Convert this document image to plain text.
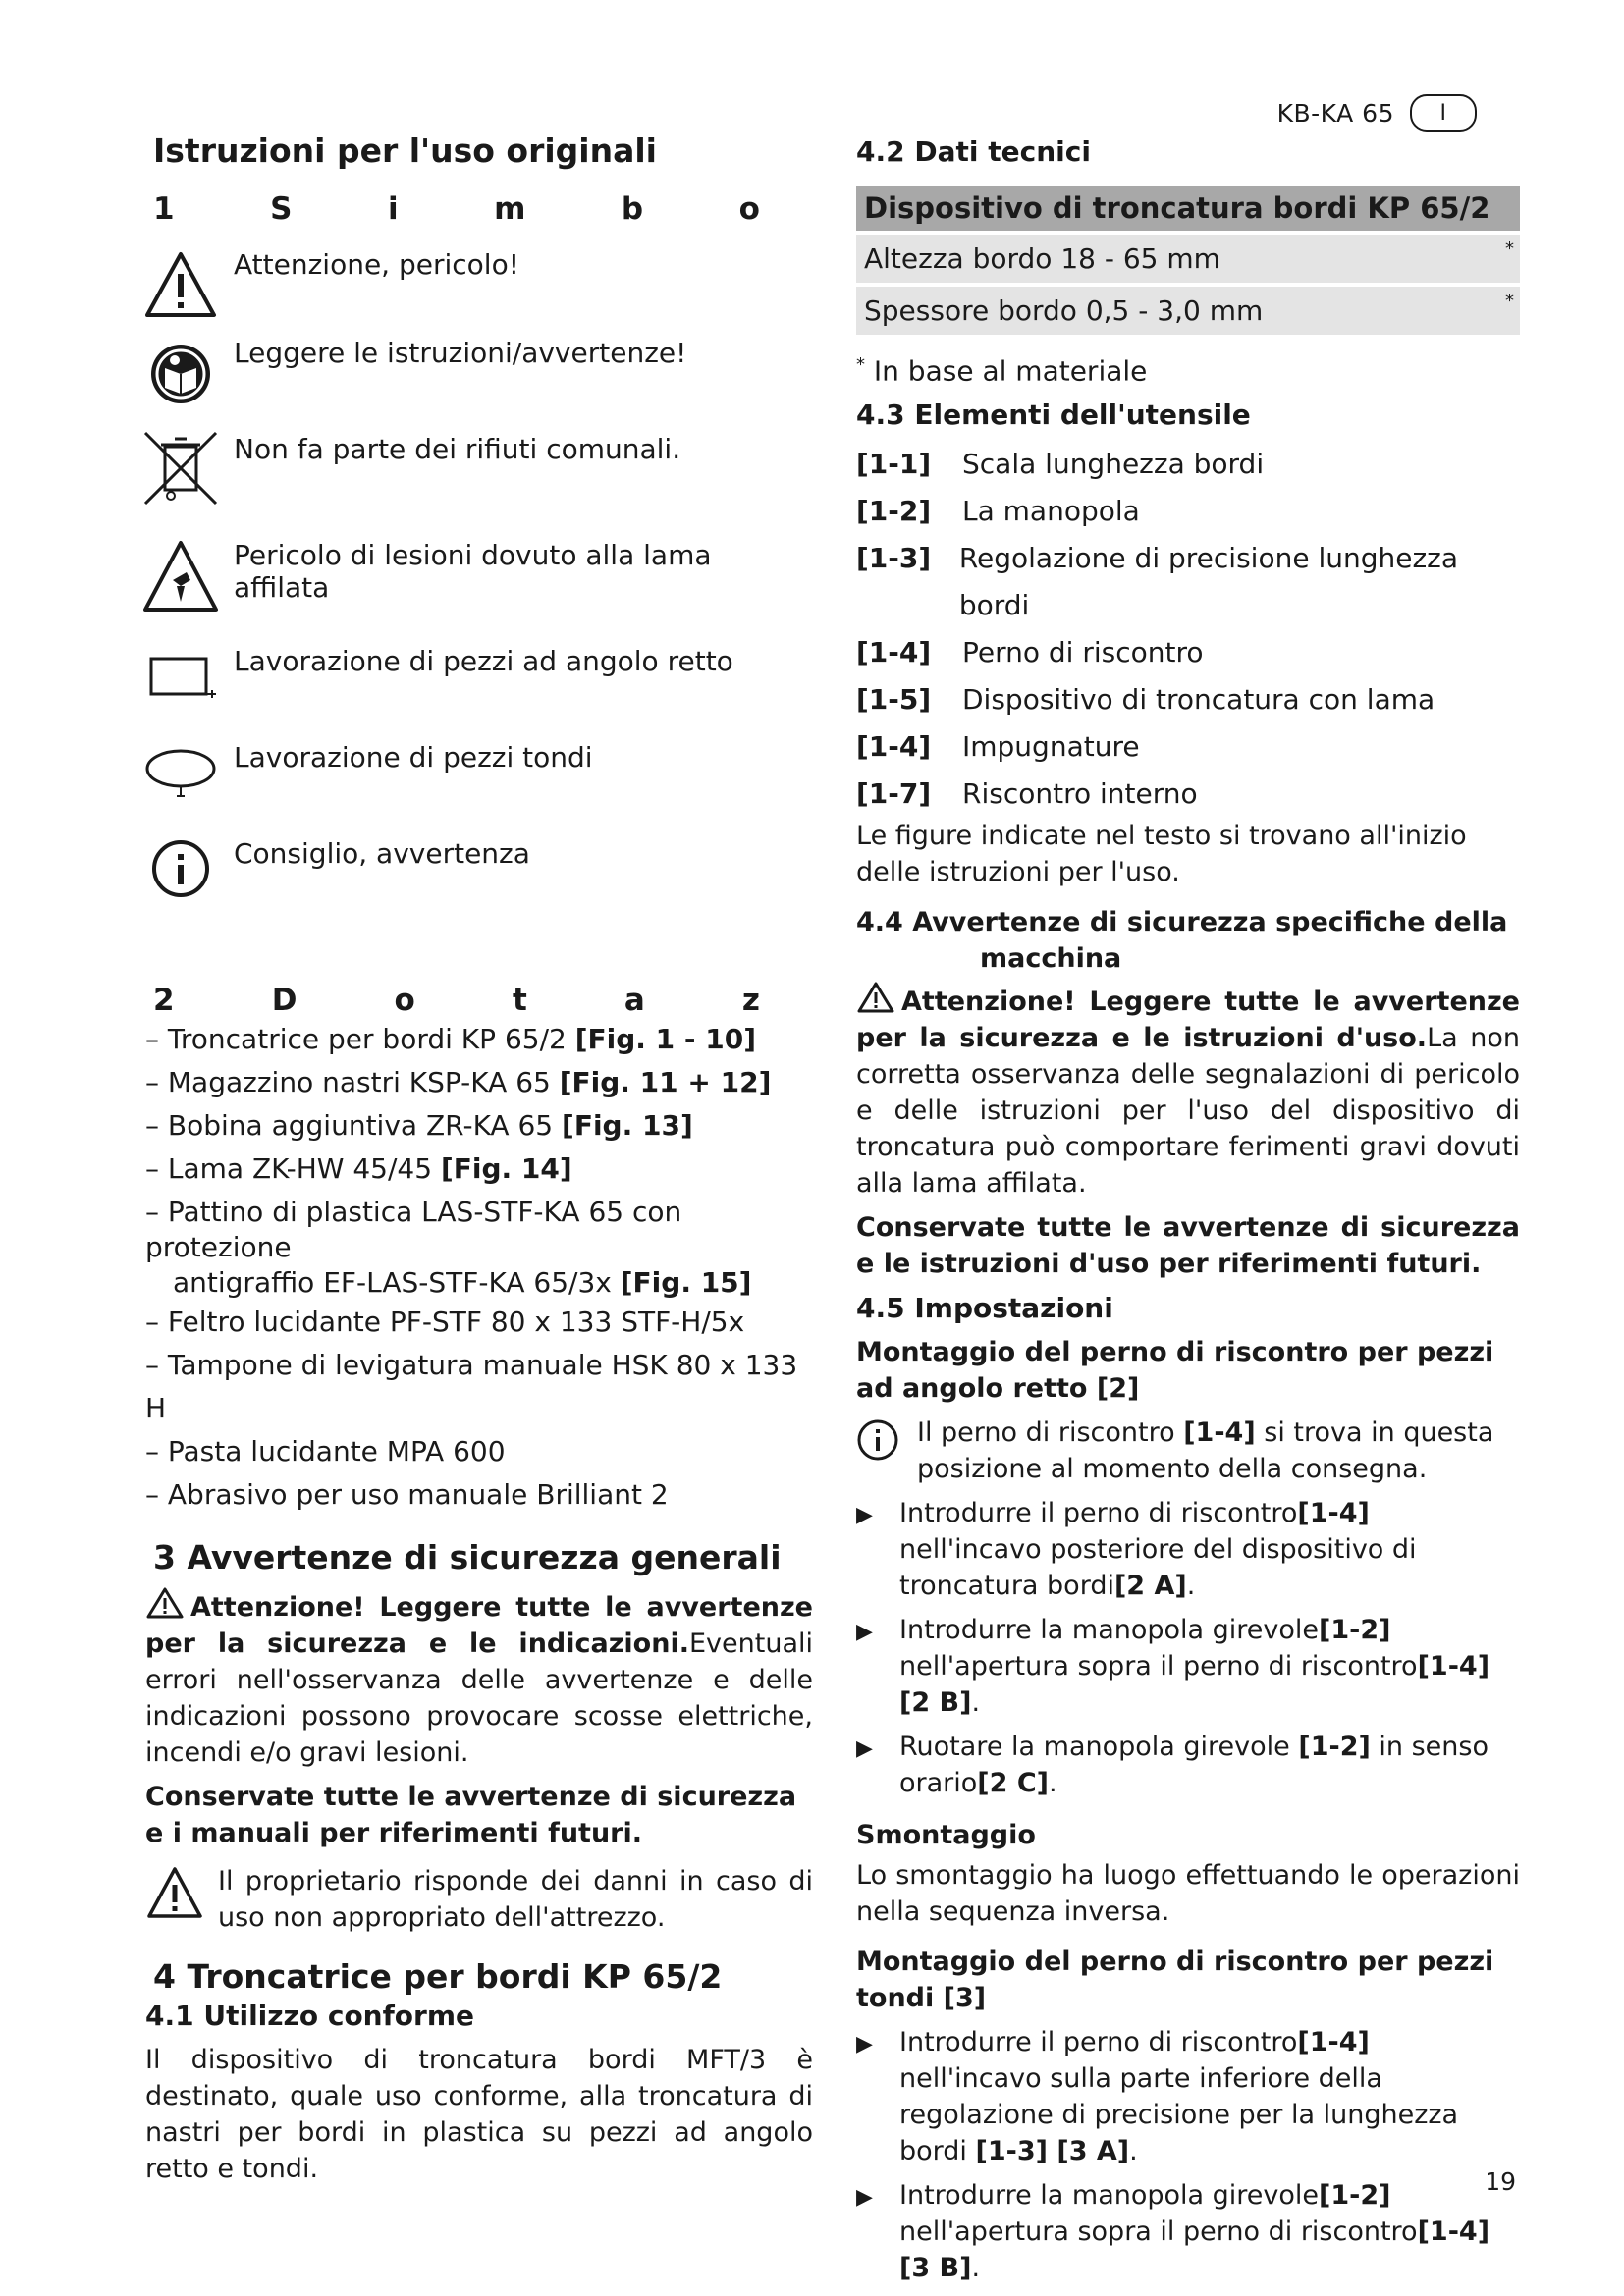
KB-KA 65	I
Istruzioni per l'uso originali
1	S	i	m	b	o
Attenzione, pericolo!
Leggere le istruzioni/avvertenze!
Non fa parte dei rifiuti comunali.
Pericolo di lesioni dovuto alla lama affilata
Lavorazione di pezzi ad angolo retto
Lavorazione di pezzi tondi
Consiglio, avvertenza
2	D	o	t	a	z
– Troncatrice per bordi KP 65/2 [Fig. 1 - 10]
– Magazzino nastri KSP-KA 65 [Fig. 11 + 12]
– Bobina aggiuntiva ZR-KA 65 [Fig. 13]
– Lama ZK-HW 45/45 [Fig. 14]
– Pattino di plastica LAS-STF-KA 65 con protezione
antigraffio EF-LAS-STF-KA 65/3x [Fig. 15]
– Feltro lucidante PF-STF 80 x 133 STF-H/5x
– Tampone di levigatura manuale HSK 80 x 133 H
– Pasta lucidante MPA 600
– Abrasivo per uso manuale Brilliant 2
3 Avvertenze di sicurezza generali
Attenzione! Leggere tutte le avvertenze per la sicurezza e le indicazioni.Eventuali errori nell'osservanza delle avvertenze e delle indicazioni possono provocare scosse elettriche, incendi e/o gravi lesioni.
Conservate tutte le avvertenze di sicurezza e i manuali per riferimenti futuri.
Il proprietario risponde dei danni in caso di uso non appropriato dell'attrezzo.
4 Troncatrice per bordi KP 65/2
4.1 Utilizzo conforme
Il dispositivo di troncatura bordi MFT/3 è destinato, quale uso conforme, alla troncatura di nastri per bordi in plastica su pezzi ad angolo retto e tondi.
4.2 Dati tecnici
Dispositivo di troncatura bordi KP 65/2
Altezza bordo 18 - 65 mm	*
Spessore bordo 0,5 - 3,0 mm	*
* In base al materiale
4.3 Elementi dell'utensile
[1-1]	Scala lunghezza bordi
[1-2]	La manopola
[1-3]	Regolazione di precisione lunghezza bordi
[1-4]	Perno di riscontro
[1-5]	Dispositivo di troncatura con lama
[1-4]	Impugnature
[1-7]	Riscontro interno
Le figure indicate nel testo si trovano all'inizio delle istruzioni per l'uso.
4.4 Avvertenze di sicurezza specifiche della
macchina
Attenzione! Leggere tutte le avvertenze per la sicurezza e le istruzioni d'uso.La non corretta osservanza delle segnalazioni di pericolo e delle istruzioni per l'uso del dispositivo di troncatura può comportare ferimenti gravi dovuti alla lama affilata.
Conservate tutte le avvertenze di sicurezza e le istruzioni d'uso per riferimenti futuri.
4.5 Impostazioni
Montaggio del perno di riscontro per pezzi ad angolo retto [2]
Il perno di riscontro [1-4] si trova in questa posizione al momento della consegna.
▶	Introdurre il perno di riscontro[1-4] nell'incavo posteriore del dispositivo di troncatura bordi[2 A].
▶	Introdurre la manopola girevole[1-2] nell'apertura sopra il perno di riscontro[1-4] [2 B].
▶	Ruotare la manopola girevole [1-2] in senso orario[2 C].
Smontaggio
Lo smontaggio ha luogo effettuando le operazioni nella sequenza inversa.
Montaggio del perno di riscontro per pezzi tondi [3]
▶	Introdurre il perno di riscontro[1-4] nell'incavo sulla parte inferiore della regolazione di precisione per la lunghezza bordi [1-3] [3 A].
▶	Introdurre la manopola girevole[1-2] nell'apertura sopra il perno di riscontro[1-4][3 B].
19
